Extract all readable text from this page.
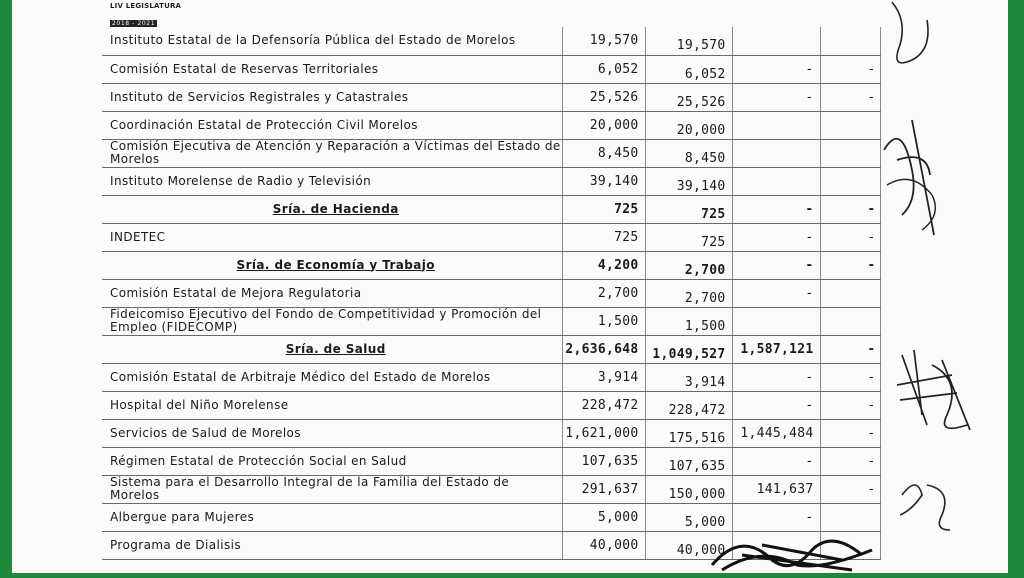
LIV LEGISLATURA
2018 - 2021
Instituto Estatal de la Defensoría Pública del Estado de Morelos	19,570	19,570		
Comisión Estatal de Reservas Territoriales	6,052	6,052	-	-
Instituto de Servicios Registrales y Catastrales	25,526	25,526	-	-
Coordinación Estatal de Protección Civil Morelos	20,000	20,000		
Comisión Ejecutiva de Atención y Reparación a Víctimas del Estado de Morelos	8,450	8,450		
Instituto Morelense de Radio y Televisión	39,140	39,140		
Sría. de Hacienda	725	725	-	-
INDETEC	725	725	-	-
Sría. de Economía y Trabajo	4,200	2,700	-	-
Comisión Estatal de Mejora Regulatoria	2,700	2,700	-	
Fideicomiso Ejecutivo del Fondo de Competitividad y Promoción del Empleo (FIDECOMP)	1,500	1,500		
Sría. de Salud	2,636,648	1,049,527	1,587,121	-
Comisión Estatal de Arbitraje Médico del Estado de Morelos	3,914	3,914	-	-
Hospital del Niño Morelense	228,472	228,472	-	-
Servicios de Salud de Morelos	1,621,000	175,516	1,445,484	-
Régimen Estatal de Protección Social en Salud	107,635	107,635	-	-
Sistema para el Desarrollo Integral de la Familia del Estado de Morelos	291,637	150,000	141,637	-
Albergue para Mujeres	5,000	5,000	-	
Programa de Dialisis	40,000	40,000		
